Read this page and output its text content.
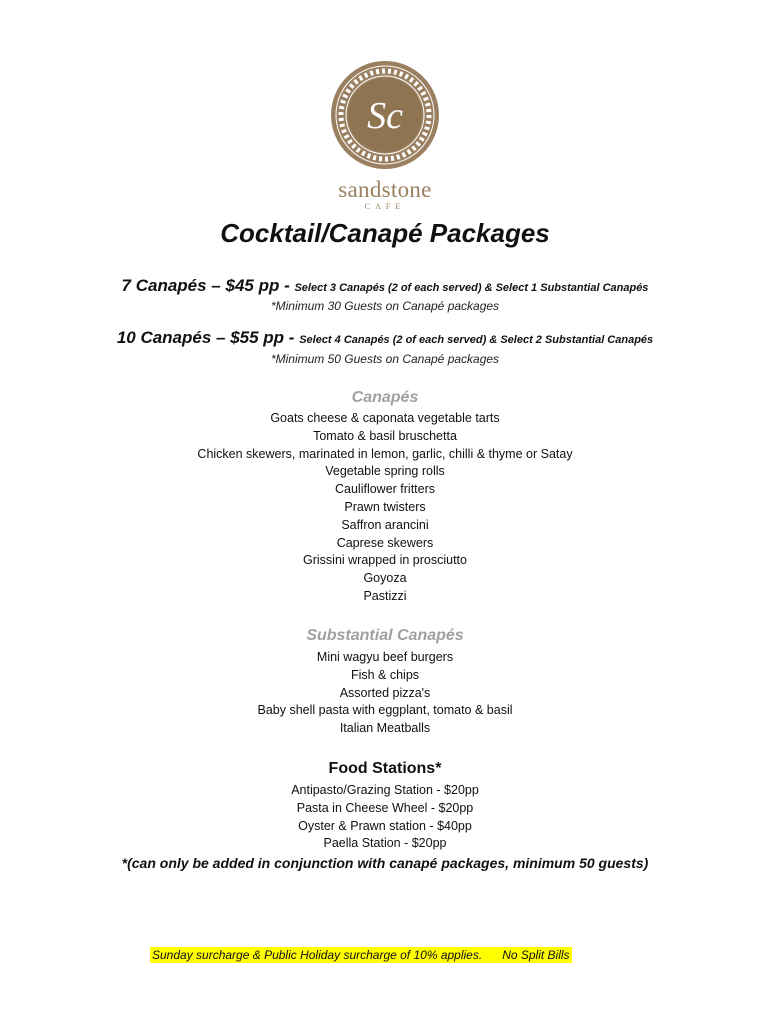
Sc
sandstone
CAFE
Cocktail/Canapé Packages
7 Canapés – $45 pp - Select 3 Canapés (2 of each served) & Select 1 Substantial Canapés
*Minimum 30 Guests on Canapé packages
10 Canapés – $55 pp - Select 4 Canapés (2 of each served) & Select 2 Substantial Canapés
*Minimum 50 Guests on Canapé packages
Canapés
Goats cheese & caponata vegetable tarts
Tomato & basil bruschetta
Chicken skewers, marinated in lemon, garlic, chilli & thyme or Satay
Vegetable spring rolls
Cauliflower fritters
Prawn twisters
Saffron arancini
Caprese skewers
Grissini wrapped in prosciutto
Goyoza
Pastizzi
Substantial Canapés
Mini wagyu beef burgers
Fish & chips
Assorted pizza's
Baby shell pasta with eggplant, tomato & basil
Italian Meatballs
Food Stations*
Antipasto/Grazing Station - $20pp
Pasta in Cheese Wheel - $20pp
Oyster & Prawn station - $40pp
Paella Station - $20pp
*(can only be added in conjunction with canapé packages, minimum 50 guests)
Sunday surcharge & Public Holiday surcharge of 10% applies. No Split Bills
